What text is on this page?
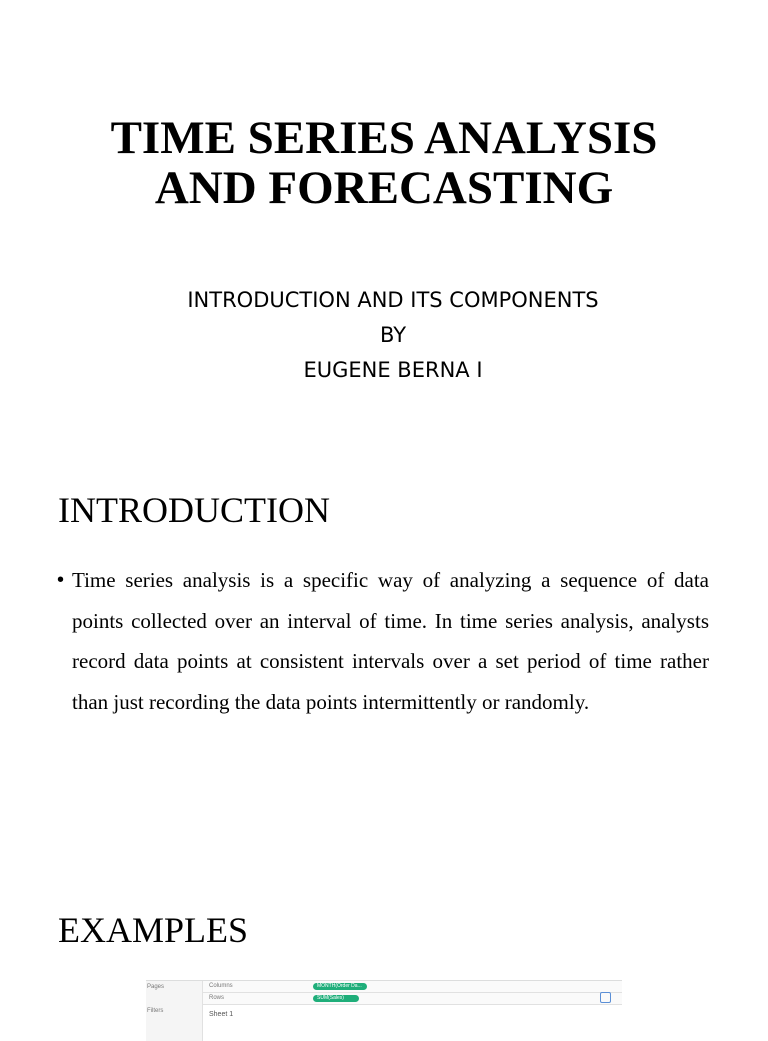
TIME SERIES ANALYSIS
AND FORECASTING
INTRODUCTION AND ITS COMPONENTS
BY
EUGENE BERNA I
INTRODUCTION
• Time series analysis is a specific way of analyzing a sequence of data points collected over an interval of time. In time series analysis, analysts record data points at consistent intervals over a set period of time rather than just recording the data points intermittently or randomly.

EXAMPLES
Pages
Filters
Columns	MONTH(Order Da...
Rows	SUM(Sales)
Sheet 1
